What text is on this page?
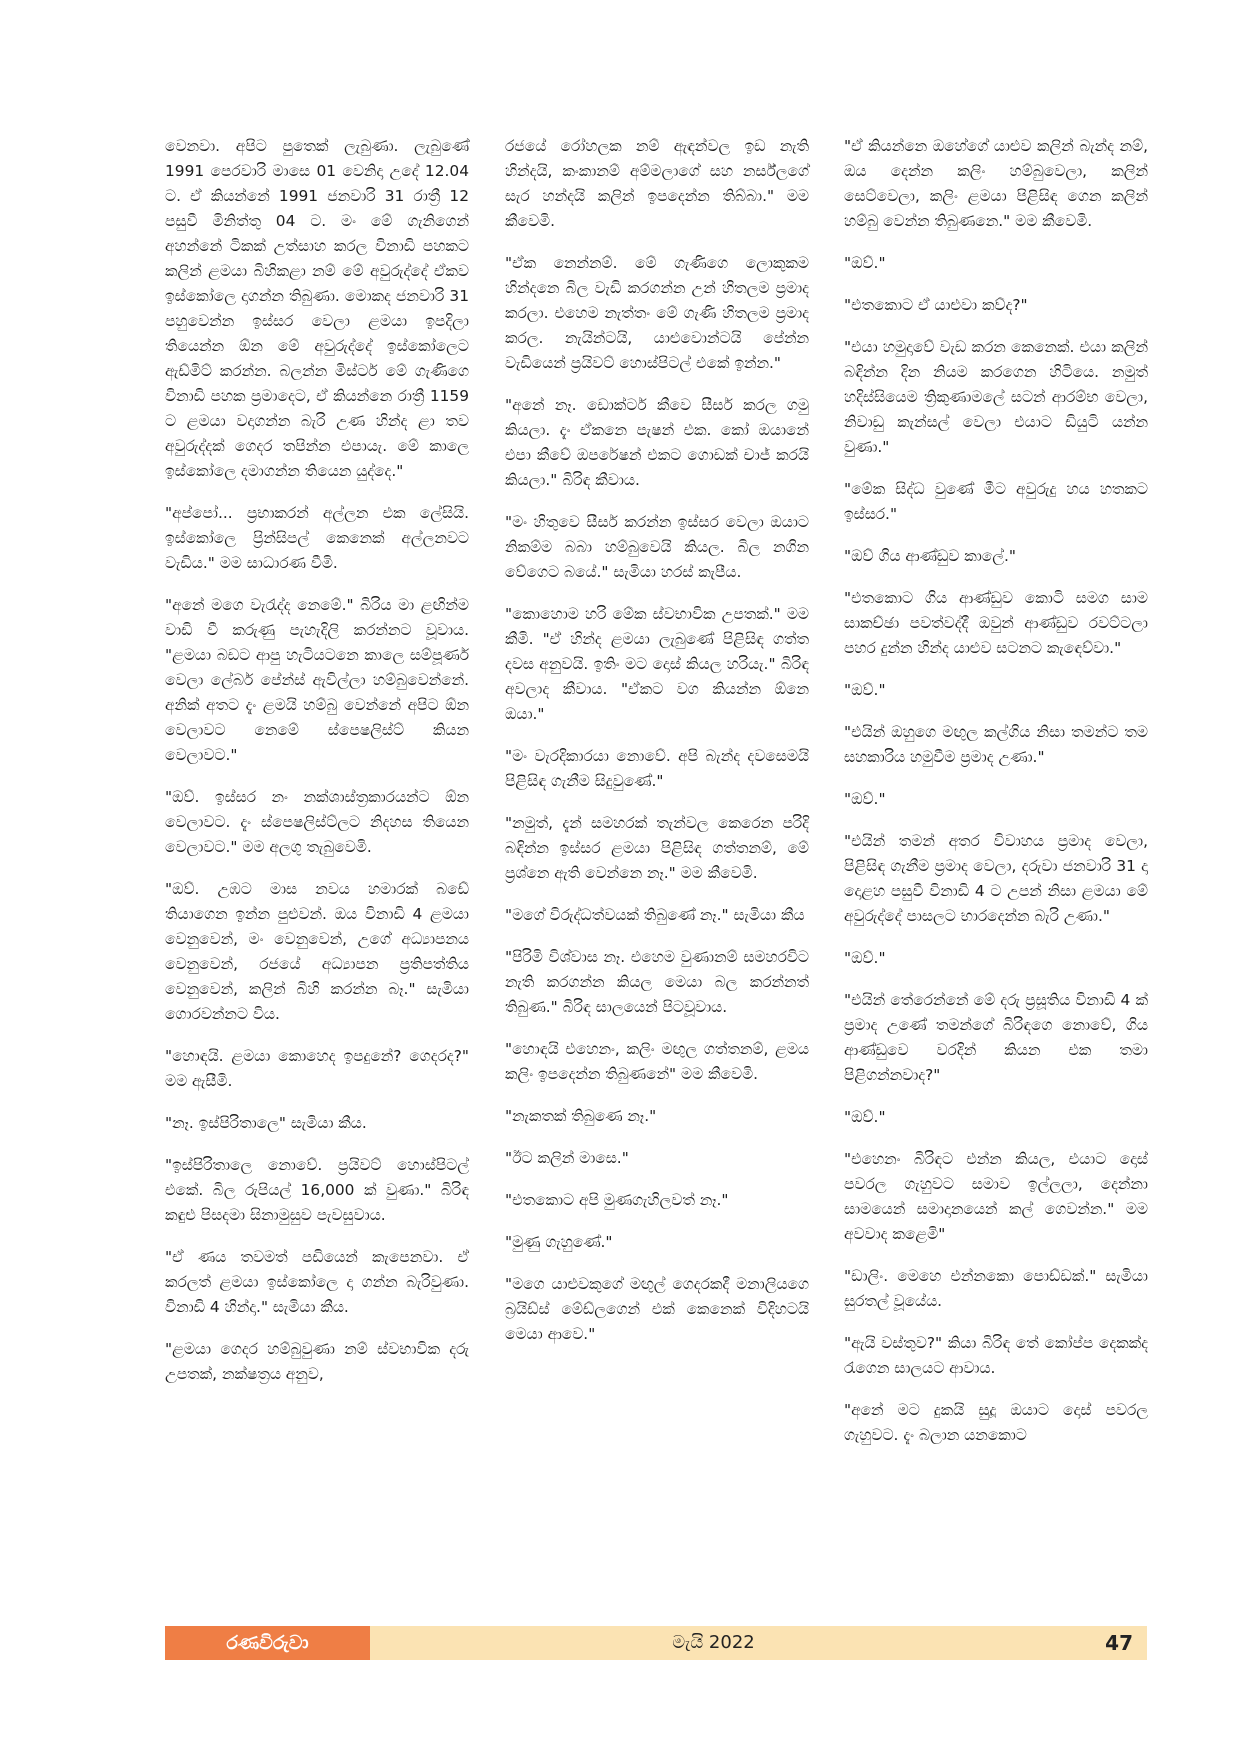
වෙනවා. අපිට පුතෙක් ලැබුණා. ලැබුණේ 1991 පෙරවාරි මාසෙ 01 වෙනිදා උදේ 12.04 ට. ඒ කියන්නේ 1991 ජනවාරි 31 රාත්‍රී 12 පසුවී මිනිත්තු 04 ට. මං මේ ගැනිගෙන් අහන්නේ ටිකක් උත්සාහ කරල විනාඩි පහකට කලින් ළමයා බිහිකළා නම් මේ අවුරුද්දේ ඒකව ඉස්කෝලෙ දාගන්න තිබුණා. මොකද ජනවාරි 31 පහුවෙන්න ඉස්සර වෙලා ළමයා ඉපදිලා තියෙන්න ඕන මේ අවුරුද්දේ ඉස්කෝලෙට ඇඩ්මිට් කරන්න. බලන්න මිස්ටර් මේ ගැණිගෙ විනාඩි පහක ප්‍රමාදෙට, ඒ කියන්නෙ රාත්‍රී 1159 ට ළමයා වදාගන්න බැරි උණ හින්ද ළා තව අවුරුද්දක් ගෙදර තපින්න එපායැ. මේ කාලෙ ඉස්කෝලෙ දමාගන්න තියෙන යුද්දෙ."

"අප්පෝ... ප්‍රභාකරන් අල්ලන එක ලේසියි. ඉස්කෝලෙ ප්‍රින්සිපල් කෙනෙක් අල්ලනවට වැඩිය." මම සාධාරණ වීමි.

"අනේ මගෙ වැරැද්ද නෙමේ." බිරිය මා ළඟින්ම වාඩි වී කරුණු පැහැදිලි කරන්නට වූවාය. "ළමයා බඩට ආපු හැටියටනෙ කාලෙ සම්පූර්ණ වෙලා ලේබර් පේන්ස් ඇවිල්ලා හම්බුවෙන්නේ. අනික් අතට දැං ළමයි හම්බු වෙන්නේ අපිට ඕන වෙලාවට නෙමේ ස්පෙෂලිස්ට් කියන වෙලාවට."

"ඔව්. ඉස්සර නං නක්ශාස්ත්‍රකාරයන්ට ඕන වෙලාවට. දැං ස්පෙෂලිස්ට්ලට නිදහස තියෙන වෙලාවට." මම අලගු තැබුවෙමි.

"ඔව්. උඹට මාස නවය හමාරක් බඩේ තියාගෙන ඉන්න පුළුවන්. ඔය විනාඩි 4 ළමයා වෙනුවෙන්, මං වෙනුවෙන්, උගේ අධ්‍යාපනය වෙනුවෙන්, රජයේ අධ්‍යාපන ප්‍රතිපත්තිය වෙනුවෙන්, කලින් බිහි කරන්න බෑ." සැමියා ගොරවන්නට විය.

"හොඳයි. ළමයා කොහෙද ඉපදුනේ? ගෙදරද?" මම ඇසීමි.

"නෑ. ඉස්පිරිතාලෙ" සැමියා කීය.

"ඉස්පිරිතාලෙ නොවේ. ප්‍රයිවට් හොස්පිටල් එකේ. බිල රුපියල් 16,000 ක් වුණා." බිරිඳ කඳුළු පිසදමා සිනාමුසුව පැවසුවාය.

"ඒ ණය තවමත් පඩියෙන් කැපෙනවා. ඒ කරලත් ළමයා ඉස්කෝලෙ දා ගන්න බැරිවුණා. විනාඩි 4 හින්දා." සැමියා කීය.

"ළමයා ගෙදර හම්බුවුණා නම් ස්වභාවික දරු උපතක්, නක්ෂත්‍රය අනුව,

රජයේ රෝහලක නම් ඇඳන්වල ඉඩ නැති හින්දයි, කංකානම් අම්මලාගේ සහ නර්ස්ලගේ සැර හන්දයි කලින් ඉපදෙන්න තිබ්බා." මම කීවෙමි.

"ඒක නෙන්නම්. මේ ගැණිගෙ ලොකුකම හින්දනෙ බිල වැඩි කරගන්න උන් හිතලම ප්‍රමාද කරලා. එහෙම නැත්තං මේ ගැණි හිතලම ප්‍රමාද කරල. නැයින්ටයි, යාළුවොන්ටයි පේන්න වැඩියෙන් ප්‍රයිවට් හොස්පිටල් එකේ ඉන්න."

"අනේ නෑ. ඩොක්ටර් කීවෙ සීසර් කරල ගමු කියලා. දැං ඒකනෙ පැෂන් එක. කෝ ඔයානේ එපා කීවේ ඔපරේෂන් එකට ගොඩක් චාජ් කරයි කියලා." බිරිඳ කීවාය.

"මං හිතුවෙ සීසර් කරන්න ඉස්සර වෙලා ඔයාට නිකම්ම බබා හම්බුවෙයි කියල. බිල නගින වේගෙට බයේ." සැමියා හරස් කැපීය.

"කොහොම හරි මේක ස්වභාවික උපතක්." මම කීමි. "ඒ හින්ද ළමයා ලැබුණේ පිළිසිඳ ගත්ත දවස අනුවයි. ඉතිං මට දොස් කියල හරියැ." බිරිඳ අවලාද කීවාය. "ඒකට වග කියන්න ඕනෙ ඔයා."

"මං වැරදිකාරයා නොවේ. අපි බැන්ද දවසෙමයි පිළිසිඳ ගැනීම සිදුවුණේ."

"නමුත්, දැන් සමහරක් තැන්වල කෙරෙන පරිදි බඳින්න ඉස්සර ළමයා පිළිසිඳ ගත්තනම්, මේ ප්‍රශ්නෙ ඇති වෙන්නෙ නෑ." මම කීවෙමි.

"මගේ විරුද්ධත්වයක් තිබුණේ නෑ." සැමියා කීය

"පිරිමි විශ්වාස නෑ. එහෙම වුණානම් සමහරවිට නැති කරගන්න කියල මෙයා බල කරන්නත් තිබුණ." බිරිඳ සාලයෙන් පිටවූවාය.

"හොඳයි එහෙනං, කලිං මඟුල ගත්තනම්, ළමය කලිං ඉපදෙන්න තිබුණනේ" මම කීවෙමි.

"නැකතක් තිබුණෙ නෑ."

"ඊට කලින් මාසෙ."

"එතකොට අපි මුණගැහිලවත් නෑ."

"මුණු ගැහුණේ."

"මගෙ යාළුවකුගේ මඟුල් ගෙදරකදී මනාලියගෙ බ්‍රයිඩ්ස් මේඩ්ලගෙන් එක් කෙනෙක් විදිහටයි මෙයා ආවෙ."

"ඒ කියන්නෙ ඔහේගේ යාළුව කලින් බැන්ද නම්, ඔය දෙන්න කලිං හම්බුවෙලා, කලින් සෙට්වෙලා, කලිං ළමයා පිළිසිඳ ගෙන කලින් හම්බු වෙන්න තිබුණනෙ." මම කීවෙමි.

"ඔව්."

"එතකොට ඒ යාළුවා කව්ද?"

"එයා හමුදාවේ වැඩ කරන කෙනෙක්. එයා කලින් බඳින්න දින නියම කරගෙන හිටියෙ. නමුත් හදිස්සියෙම ත්‍රිකුණාමලේ සටන් ආරම්භ වෙලා, නිවාඩු කැන්සල් වෙලා එයාට ඩියුටි යන්න වුණා."

"මේක සිද්ධ වුණේ මීට අවුරුදු හය හතකට ඉස්සර."

"ඔව් ගිය ආණ්ඩුව කාලේ."

"එතකොට ගිය ආණ්ඩුව කොටි සමග සාම සාකච්ඡා පවත්වද්දී ඔවුන් ආණ්ඩුව රවට්ටලා පහර දුන්න හින්ද යාළුව සටනට කැඳෙව්වා."

"ඔව්."

"එයින් ඔහුගෙ මඟුල කල්ගිය නිසා තමන්ට තම සහකාරිය හමුවීම ප්‍රමාද උණා."

"ඔව්."

"එයින් තමන් අතර විවාහය ප්‍රමාද වෙලා, පිළිසිඳ ගැනීම ප්‍රමාද වෙලා, දරුවා ජනවාරි 31 දා දොළහ පසුවී විනාඩි 4 ට උපන් නිසා ළමයා මේ අවුරුද්දේ පාසලට භාරදෙන්න බැරි උණා."

"ඔව්."

"එයින් තේරෙන්නේ මේ දරු ප්‍රසූතිය විනාඩි 4 ක් ප්‍රමාද උණේ තමන්ගේ බිරිඳගෙ නොවේ, ගිය ආණ්ඩුවෙ වරදින් කියන එක තමා පිළිගන්නවාද?"

"ඔව්."

"එහෙනං බිරිඳට එන්න කියල, එයාට දොස් පවරල ගැහුවට සමාව ඉල්ලලා, දෙන්නා සාමයෙන් සමාදානයෙන් කල් ගෙවන්න." මම අවවාද කළෙමි"

"ඩාලිං. මෙහෙ එන්නකො පොඩ්ඩක්." සැමියා සුරතල් වූයේය.

"ඇයි වස්තුව?" කියා බිරිඳ තේ කෝප්ප දෙකක්ද රැගෙන සාලයට ආවාය.

"අනේ මට දුකයි සුදූ ඔයාට දොස් පවරල ගැහුවට. දැං බලාන යනකොට

රණවිරුවා	මැයි 2022	47
